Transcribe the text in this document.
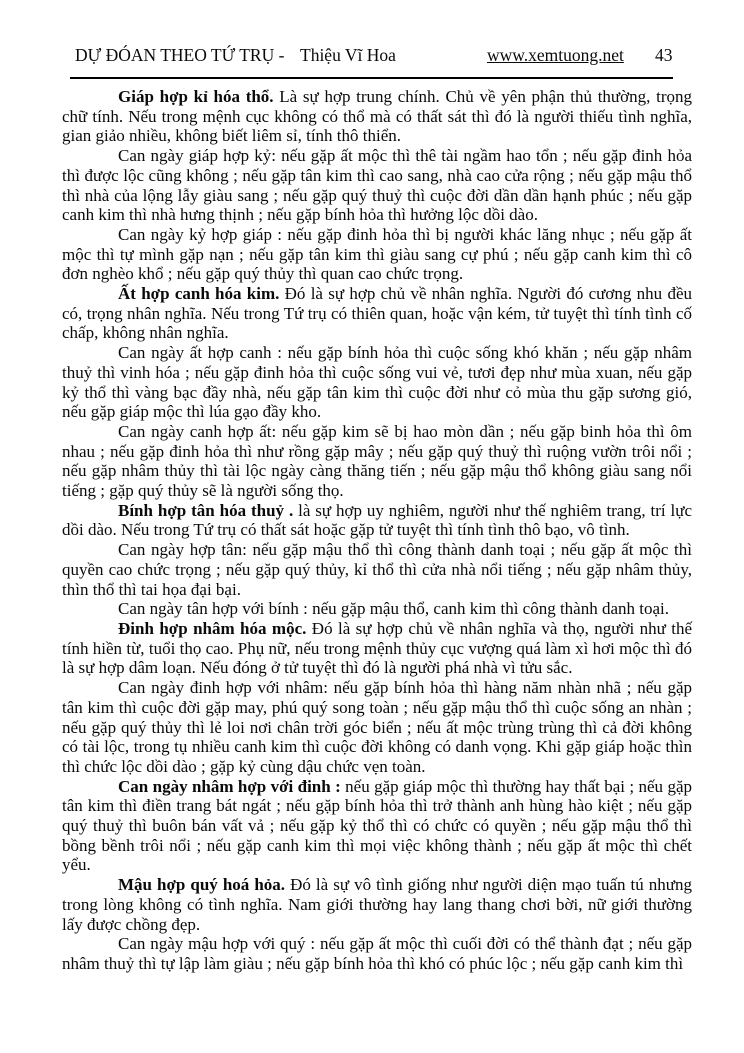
DỰ ĐÓAN THEO TỨ TRỤ - Thiệu Vĩ Hoa	www.xemtuong.net 43

Giáp hợp kỉ hóa thổ. Là sự hợp trung chính. Chủ về yên phận thủ thường, trọng chữ tính. Nếu trong mệnh cục không có thổ mà có thất sát thì đó là người thiếu tình nghĩa, gian giảo nhiều, không biết liêm sỉ, tính thô thiển.

Can ngày giáp hợp kỷ: nếu gặp ất mộc thì thê tài ngầm hao tổn ; nếu gặp đinh hỏa thì được lộc cũng không ; nếu gặp tân kim thì cao sang, nhà cao cửa rộng ; nếu gặp mậu thổ thì nhà của lộng lẫy giàu sang ; nếu gặp quý thuỷ thì cuộc đời dần dần hạnh phúc ; nếu gặp canh kim thì nhà hưng thịnh ; nếu gặp bính hỏa thì hưởng lộc dồi dào.

Can ngày kỷ hợp giáp : nếu gặp đinh hỏa thì bị người khác lăng nhục ; nếu gặp ất mộc thì tự mình gặp nạn ; nếu gặp tân kim thì giàu sang cự phú ; nếu gặp canh kim thì cô đơn nghèo khổ ; nếu gặp quý thủy thì quan cao chức trọng.

Ất hợp canh hóa kim. Đó là sự hợp chủ về nhân nghĩa. Người đó cương nhu đều có, trọng nhân nghĩa. Nếu trong Tứ trụ có thiên quan, hoặc vận kém, tử tuyệt thì tính tình cố chấp, không nhân nghĩa.

Can ngày ất hợp canh : nếu gặp bính hỏa thì cuộc sống khó khăn ; nếu gặp nhâm thuỷ thì vinh hóa ; nếu gặp đinh hỏa thì cuộc sống vui vẻ, tươi đẹp như mùa xuan, nếu gặp kỷ thổ thì vàng bạc đầy nhà, nếu gặp tân kim thì cuộc đời như cỏ mùa thu gặp sương gió, nếu gặp giáp mộc thì lúa gạo đầy kho.

Can ngày canh hợp ất: nếu gặp kim sẽ bị hao mòn dần ; nếu gặp binh hỏa thì ôm nhau ; nếu gặp đinh hỏa thì như rồng gặp mây ; nếu gặp quý thuỷ thì ruộng vườn trôi nổi ; nếu gặp nhâm thủy thì tài lộc ngày càng thăng tiến ; nếu gặp mậu thổ không giàu sang nổi tiếng ; gặp quý thủy sẽ là người sống thọ.

Bính hợp tân hóa thuỷ . là sự hợp uy nghiêm, người như thế nghiêm trang, trí lực dồi dào. Nếu trong Tứ trụ có thất sát hoặc gặp tử tuyệt thì tính tình thô bạo, vô tình.

Can ngày hợp tân: nếu gặp mậu thổ thì công thành danh toại ; nếu gặp ất mộc thì quyền cao chức trọng ; nếu gặp quý thủy, kỉ thổ thì cửa nhà nổi tiếng ; nếu gặp nhâm thủy, thìn thổ thì tai họa đại bại.

Can ngày tân hợp với bính : nếu gặp mậu thổ, canh kim thì công thành danh toại.

Đinh hợp nhâm hóa mộc. Đó là sự hợp chủ về nhân nghĩa và thọ, người như thế tính hiền từ, tuổi thọ cao. Phụ nữ, nếu trong mệnh thủy cục vượng quá làm xì hơi mộc thì đó là sự hợp dâm loạn. Nếu đóng ở tử tuyệt thì đó là người phá nhà vì tửu sắc.

Can ngày đinh hợp với nhâm: nếu gặp bính hỏa thì hàng năm nhàn nhã ; nếu gặp tân kim thì cuộc đời gặp may, phú quý song toàn ; nếu gặp mậu thổ thì cuộc sống an nhàn ; nếu gặp quý thủy thì lẻ loi nơi chân trời góc biển ; nếu ất mộc trùng trùng thì cả đời không có tài lộc, trong tụ nhiều canh kim thì cuộc đời không có danh vọng. Khi gặp giáp hoặc thìn thì chức lộc dồi dào ; gặp kỷ cùng dậu chức vẹn toàn.

Can ngày nhâm hợp với đinh : nếu gặp giáp mộc thì thường hay thất bại ; nếu gặp tân kim thì điền trang bát ngát ; nếu gặp bính hỏa thì trở thành anh hùng hào kiệt ; nếu gặp quý thuỷ thì buôn bán vất vả ; nếu gặp kỷ thổ thì có chức có quyền ; nếu gặp mậu thổ thì bồng bềnh trôi nổi ; nếu gặp canh kim thì mọi việc không thành ; nếu gặp ất mộc thì chết yểu.

Mậu hợp quý hoá hỏa. Đó là sự vô tình giống như người diện mạo tuấn tú nhưng trong lòng không có tình nghĩa. Nam giới thường hay lang thang chơi bời, nữ giới thường lấy được chồng đẹp.

Can ngày mậu hợp với quý : nếu gặp ất mộc thì cuối đời có thể thành đạt ; nếu gặp nhâm thuỷ thì tự lập làm giàu ; nếu gặp bính hỏa thì khó có phúc lộc ; nếu gặp canh kim thì
